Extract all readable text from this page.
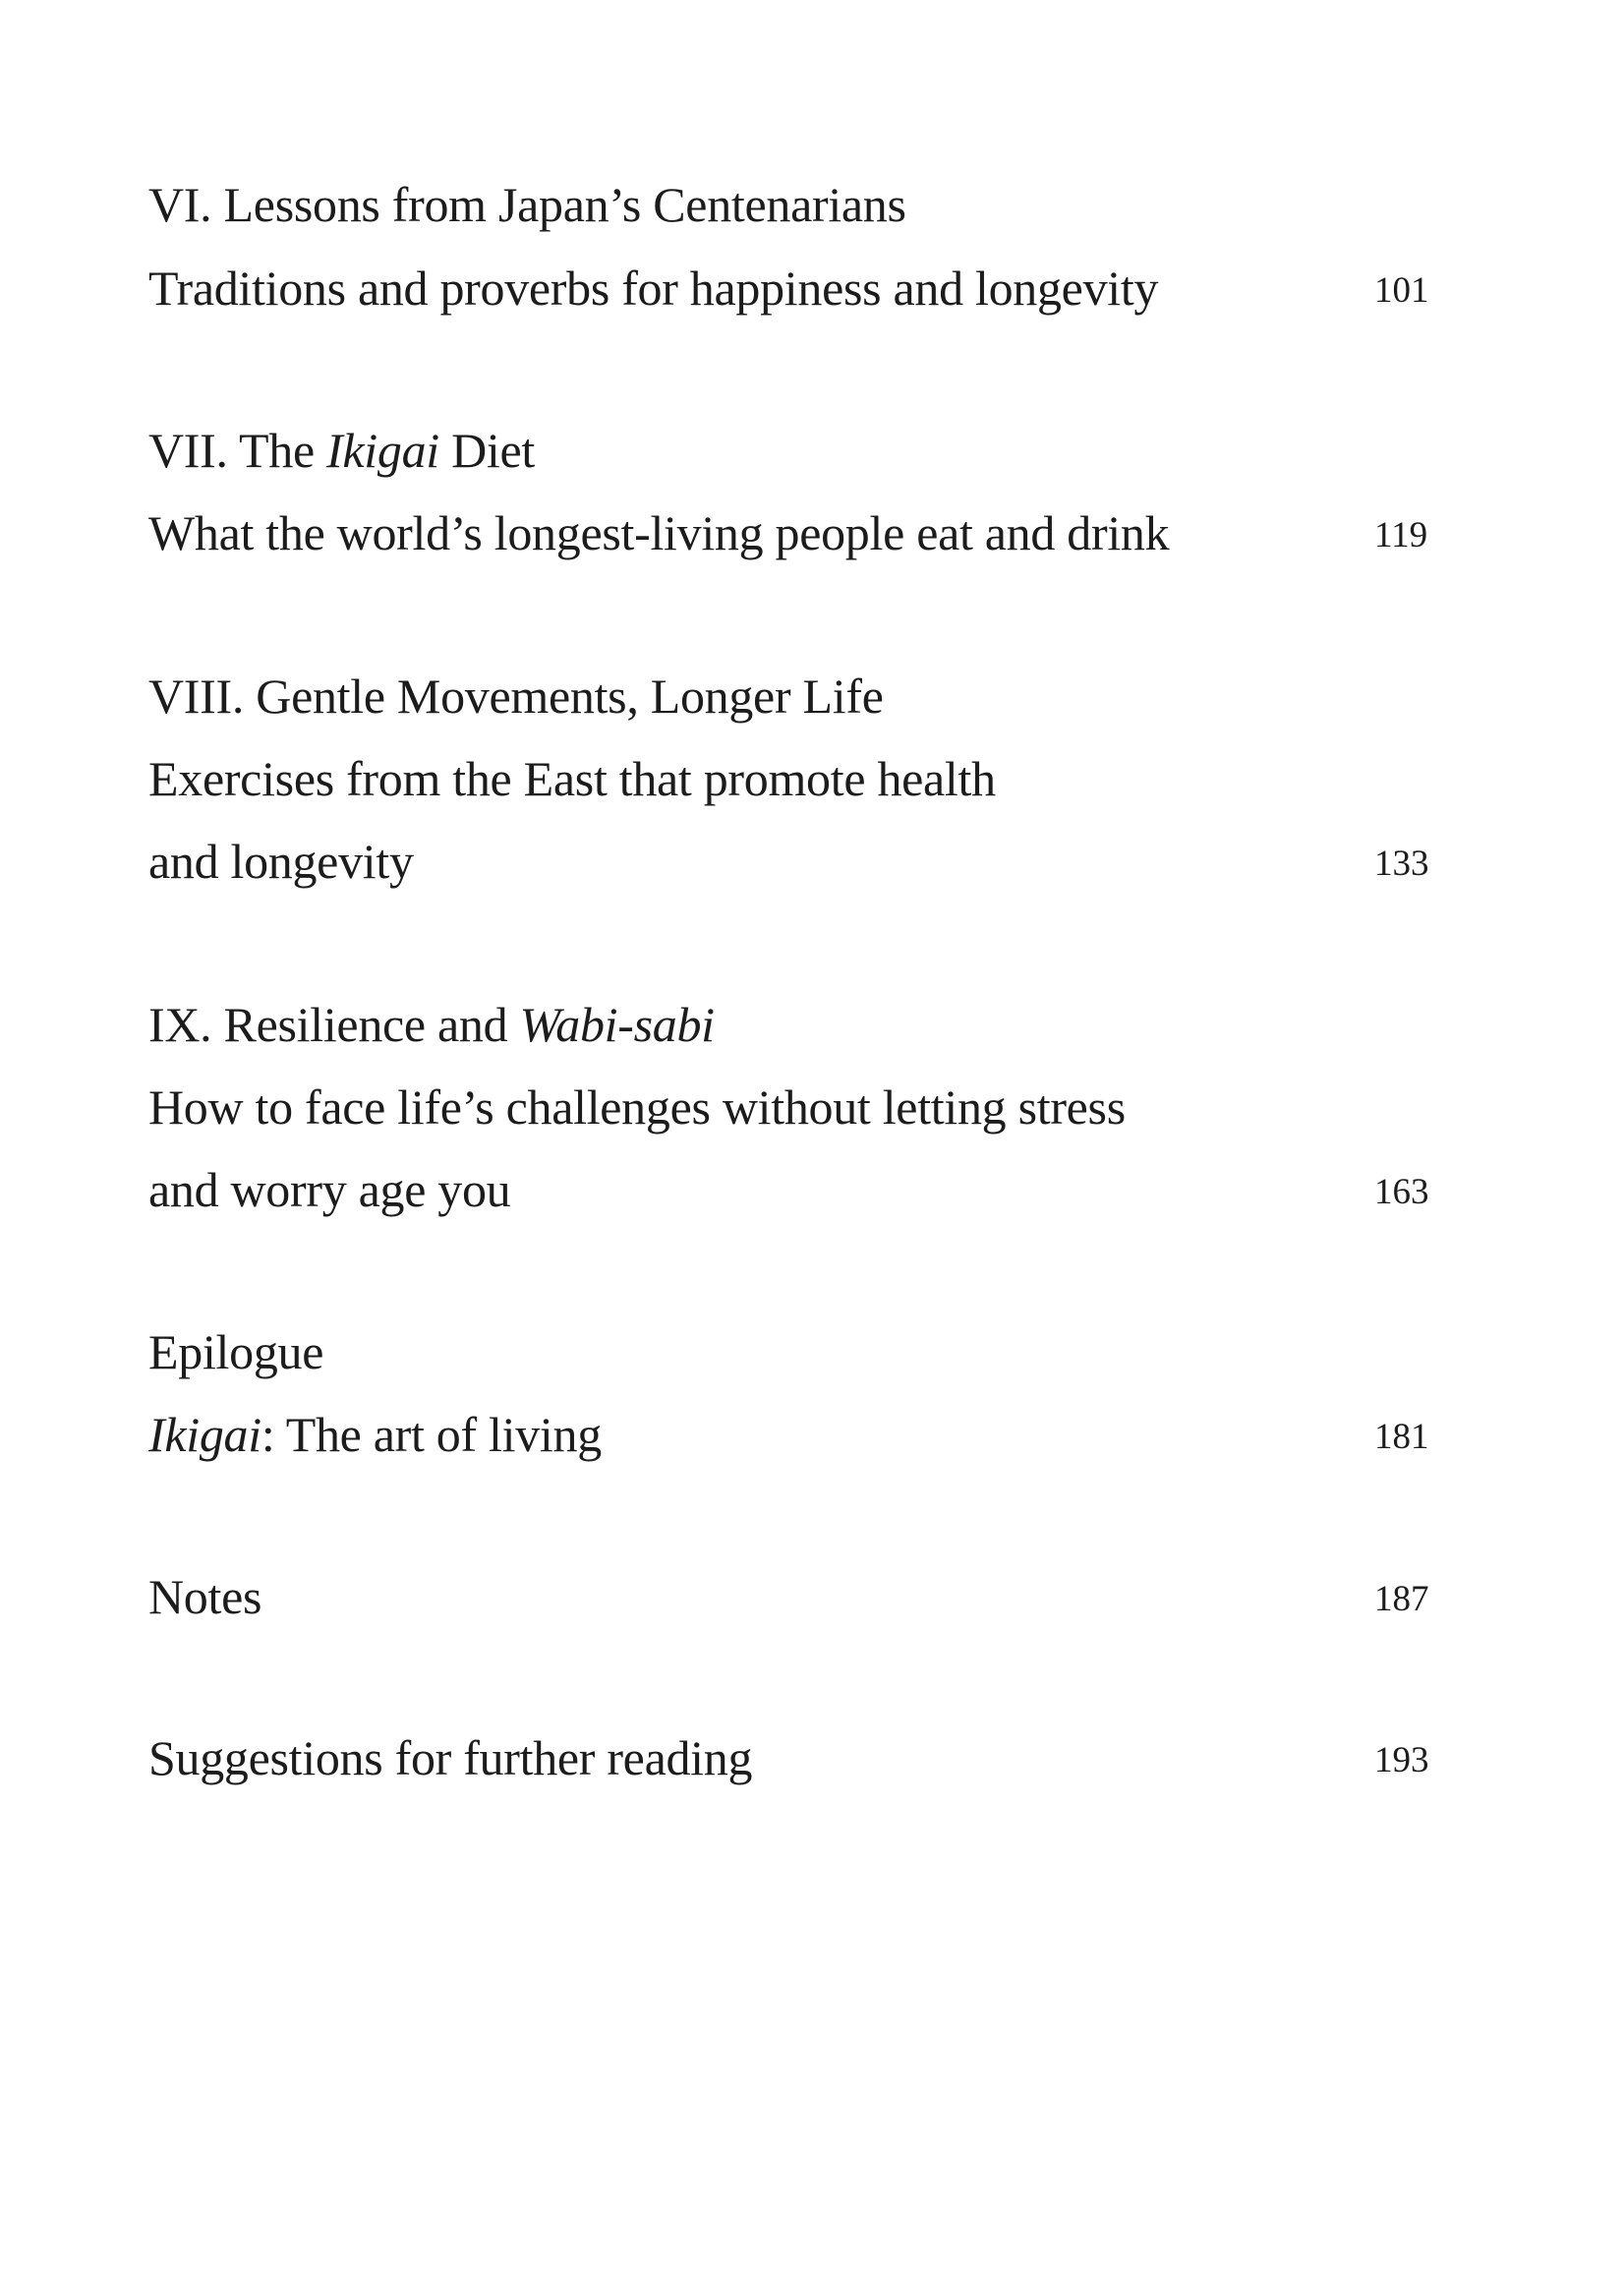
VI. Lessons from Japan’s Centenarians
Traditions and proverbs for happiness and longevity	101
VII. The Ikigai Diet
What the world’s longest-living people eat and drink	119
VIII. Gentle Movements, Longer Life
Exercises from the East that promote health
and longevity	133
IX. Resilience and Wabi-sabi
How to face life’s challenges without letting stress
and worry age you	163
Epilogue
Ikigai: The art of living	181
Notes	187
Suggestions for further reading	193
